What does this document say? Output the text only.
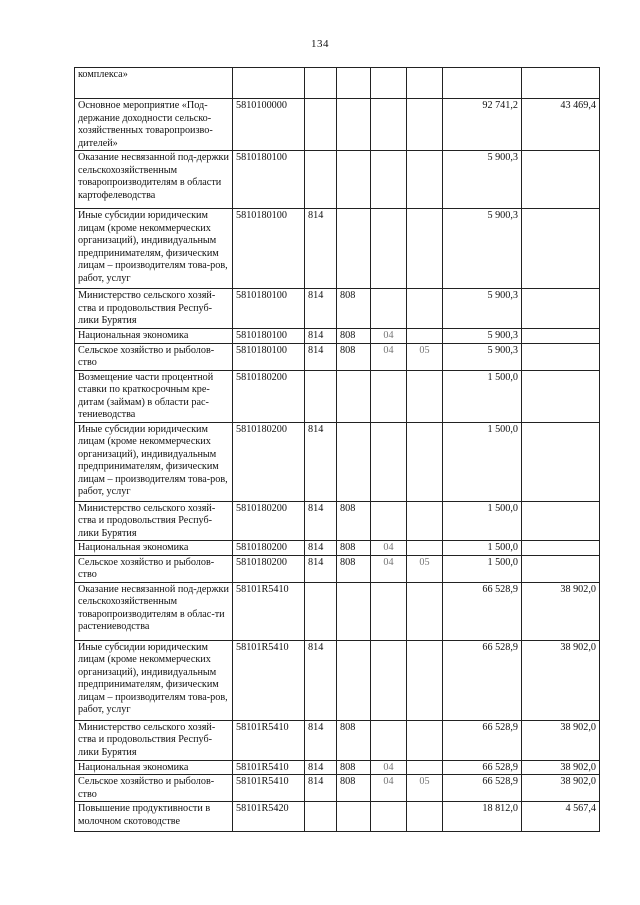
134
комплекса»							
Основное мероприятие «Под-держание доходности сельско-хозяйственных товаропроизво-дителей»	5810100000					92 741,2	43 469,4
Оказание несвязанной под-держки сельскохозяйственным товаропроизводителям в области картофелеводства	5810180100					5 900,3	
Иные субсидии юридическим лицам (кроме некоммерческих организаций), индивидуальным предпринимателям, физическим лицам – производителям това-ров, работ, услуг	5810180100	814				5 900,3	
Министерство сельского хозяй-ства и продовольствия Респуб-лики Бурятия	5810180100	814	808			5 900,3	
Национальная экономика	5810180100	814	808	04		5 900,3	
Сельское хозяйство и рыболов-ство	5810180100	814	808	04	05	5 900,3	
Возмещение части процентной ставки по краткосрочным кре-дитам (займам) в области рас-тениеводства	5810180200					1 500,0	
Иные субсидии юридическим лицам (кроме некоммерческих организаций), индивидуальным предпринимателям, физическим лицам – производителям това-ров, работ, услуг	5810180200	814				1 500,0	
Министерство сельского хозяй-ства и продовольствия Респуб-лики Бурятия	5810180200	814	808			1 500,0	
Национальная экономика	5810180200	814	808	04		1 500,0	
Сельское хозяйство и рыболов-ство	5810180200	814	808	04	05	1 500,0	
Оказание несвязанной под-держки сельскохозяйственным товаропроизводителям в облас-ти растениеводства	58101R5410					66 528,9	38 902,0
Иные субсидии юридическим лицам (кроме некоммерческих организаций), индивидуальным предпринимателям, физическим лицам – производителям това-ров, работ, услуг	58101R5410	814				66 528,9	38 902,0
Министерство сельского хозяй-ства и продовольствия Респуб-лики Бурятия	58101R5410	814	808			66 528,9	38 902,0
Национальная экономика	58101R5410	814	808	04		66 528,9	38 902,0
Сельское хозяйство и рыболов-ство	58101R5410	814	808	04	05	66 528,9	38 902,0
Повышение продуктивности в молочном скотоводстве	58101R5420					18 812,0	4 567,4
